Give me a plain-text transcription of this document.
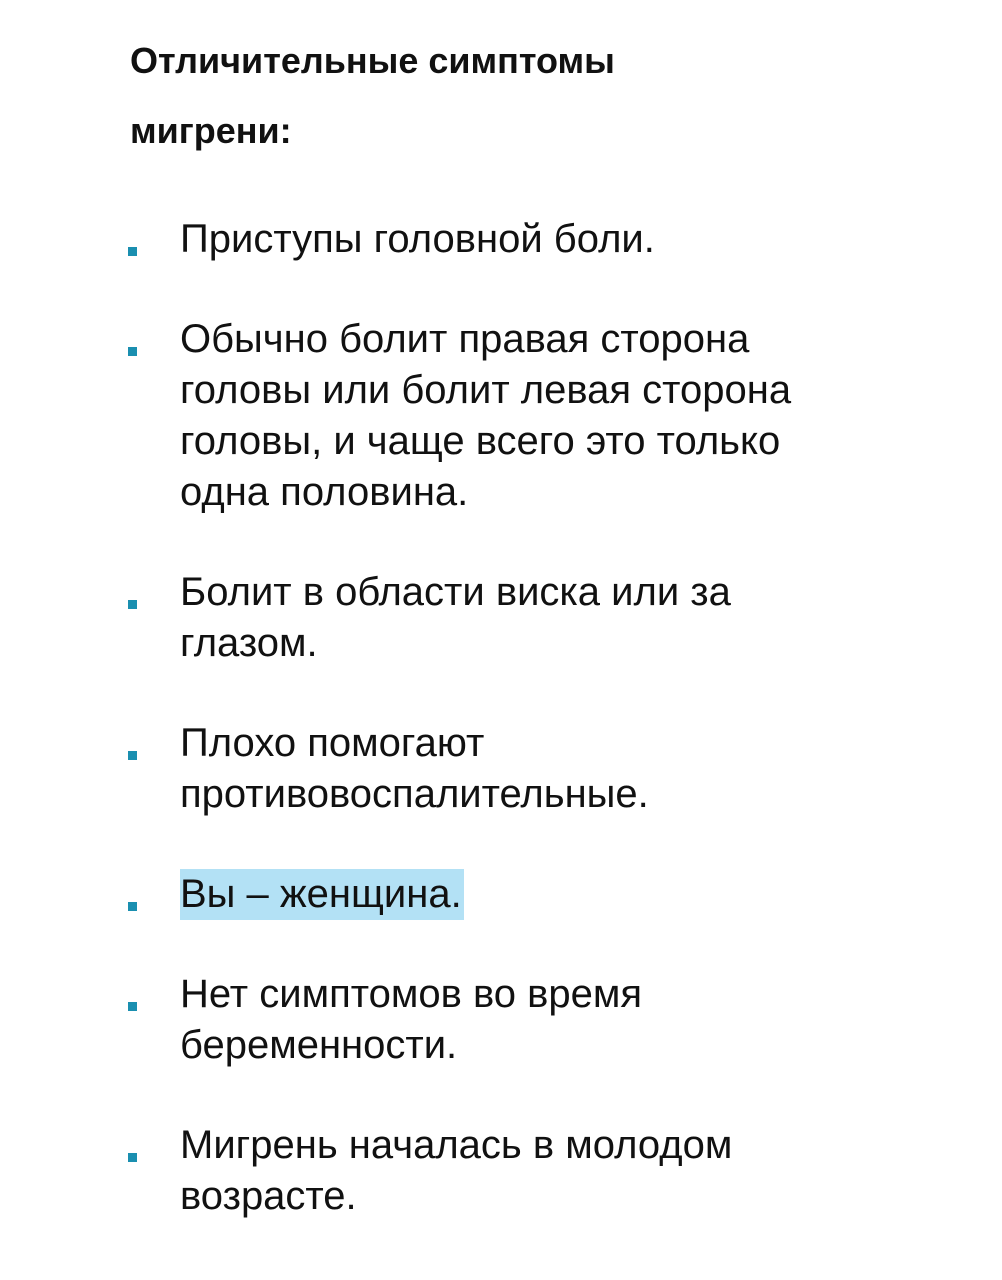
Отличительные симптомы
мигрени:
Приступы головной боли.
Обычно болит правая сторона
головы или болит левая сторона
головы, и чаще всего это только
одна половина.
Болит в области виска или за
глазом.
Плохо помогают
противовоспалительные.
Вы – женщина.
Нет симптомов во время
беременности.
Мигрень началась в молодом
возрасте.
